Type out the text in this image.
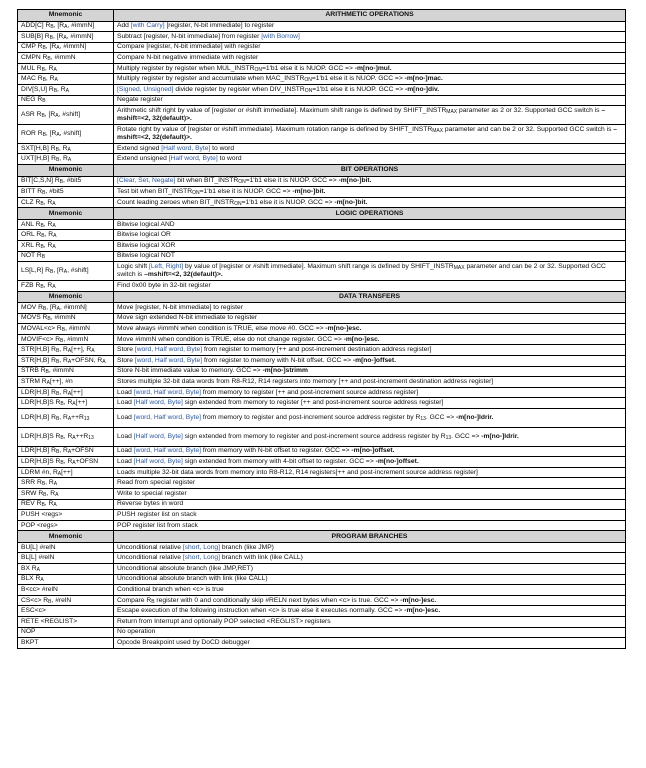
Mnemonic	ARITHMETIC OPERATIONS
ADD[C] $R_B$, [$R_A$, #immN]	Add [with Carry] [register, N-bit immediate] to register
SUB[B] $R_B$, [$R_A$, #immN]	Subtract [register, N-bit immediate] from register [with Borrow]
CMP $R_B$, [$R_A$, #immN]	Compare [register, N-bit immediate] with register
CMPN $R_B$, #immN	Compare N-bit negative immediate with register
MUL $R_B$, $R_A$	Multiply register by register when $MUL\_INSTR_{ON}=1'b1$ else it is NUOP. GCC => -m[no-]mul.
MAC $R_B$, $R_A$	Multiply register by register and accumulate when $MAC\_INSTR_{ON}=1'b1$ else it is NUOP. GCC => -m[no-]mac.
DIV[S,U] $R_B$, $R_A$	[Signed, Unsigned] divide register by register when $DIV\_INSTR_{ON}=1'b1$ else it is NUOP. GCC => -m[no-]div.
NEG $R_B$	Negate register
ASR $R_B$, [$R_A$, #shift]	Arithmetic shift right by value of [register or #shift immediate]. Maximum shift range is defined by $SHIFT\_INSTR_{MAX}$ parameter as 2 or 32. Supported GCC switch is –mshift=<2, 32(default)>.
ROR $R_B$, [$R_A$, #shift]	Rotate right by value of [register or #shift immediate]. Maximum rotation range is defined by $SHIFT\_INSTR_{MAX}$ parameter and can be 2 or 32. Supported GCC switch is –mshift=<2, 32(default)>.
SXT[H,B] $R_B$, $R_A$	Extend signed [Half word, Byte] to word
UXT[H,B] $R_B$, $R_A$	Extend unsigned [Half word, Byte] to word
Mnemonic	BIT OPERATIONS
BIT[C,S,N] $R_B$, #bit5	[Clear, Set, Negate] bit when $BIT\_INSTR_{ON}=1'b1$ else it is NUOP. GCC => -m[no-]bit.
BITT $R_B$, #bit5	Test bit when $BIT\_INSTR_{ON}=1'b1$ else it is NUOP. GCC => -m[no-]bit.
CLZ $R_B$, $R_A$	Count leading zeroes when $BIT\_INSTR_{ON}=1'b1$ else it is NUOP. GCC => -m[no-]bit.
Mnemonic	LOGIC OPERATIONS
ANL $R_B$, $R_A$	Bitwise logical AND
ORL $R_B$, $R_A$	Bitwise logical OR
XRL $R_B$, $R_A$	Bitwise logical XOR
NOT $R_B$	Bitwise logical NOT
LS[L,R] $R_B$, [$R_A$, #shift]	Logic shift [Left, Right] by value of [register or #shift immediate]. Maximum shift range is defined by $SHIFT\_INSTR_{MAX}$ parameter and can be 2 or 32. Supported GCC switch is –mshift=<2, 32(default)>.
FZB $R_B$, $R_A$	Find 0x00 byte in 32-bit register
Mnemonic	DATA TRANSFERS
MOV $R_B$, [$R_A$, #immN]	Move [register, N-bit immediate] to register
MOVS $R_B$, #immN	Move sign extended N-bit immediate to register
MOVAL<c> $R_B$, #immN	Move always #immN when condition is TRUE, else move #0. GCC => -m[no-]esc.
MOVIF<c> $R_B$, #immN	Move #immN when condition is TRUE, else do not change register. GCC => -m[no-]esc.
STR[H,B] $R_B$, $R_A[++]$, $R_A$	Store [word, Half word, Byte] from register to memory [++ and post-increment destination address register]
STR[H,B] $R_B$, $R_A+OFSN$, $R_A$	Store [word, Half word, Byte] from register to memory with N-bit offset. GCC => -m[no-]offset.
STRB $R_B$, #immN	Store N-bit immediate value to memory. GCC => -m[no-]strimm
STRM $R_A[++]$, #n	Stores multiple 32-bit data words from R8-R12, R14 registers into memory [++ and post-increment destination address register]
LDR[H,B] $R_B$, $R_A[++]$	Load [word, Half word, Byte] from memory to register [++ and post-increment source address register]
LDR[H,B]S $R_B$, $R_A[++]$	Load [Half word, Byte] sign extended from memory to register [++ and post-increment source address register]
LDR[H,B] $R_B$, $R_A++R_{13}$	Load [word, Half word, Byte] from memory to register and post-increment source address register by $R_{13}$. GCC => -m[no-]ldrir.
LDR[H,B]S $R_B$, $R_A++R_{13}$	Load [Half word, Byte] sign extended from memory to register and post-increment source address register by $R_{13}$. GCC => -m[no-]ldrir.
LDR[H,B] $R_B$, $R_A+OFSN$	Load [word, Half word, Byte] from memory with N-bit offset to register. GCC => -m[no-]offset.
LDR[H,B]S $R_B$, $R_A+OFSN$	Load [Half word, Byte] sign extended from memory with 4-bit offset to register. GCC => -m[no-]offset.
LDRM #n, $R_A[++]$	Loads multiple 32-bit data words from memory into R8-R12, R14 registers[++ and post-increment source address register]
SRR $R_B$, $R_A$	Read from special register
SRW $R_B$, $R_A$	Write to special register
REV $R_B$, $R_A$	Reverse bytes in word
PUSH <regs>	PUSH register list on stack
POP <regs>	POP register list from stack
Mnemonic	PROGRAM BRANCHES
BU[L] #relN	Unconditional relative [short, Long] branch (like JMP)
BL[L] #relN	Unconditional relative [short, Long] branch with link (like CALL)
BX $R_A$	Unconditional absolute branch (like JMP,RET)
BLX $R_A$	Unconditional absolute branch with link (like CALL)
B<cc> #relN	Conditional branch when <c> is true
$CS<c> R_B$, #relN	Compare $R_B$ register with 0 and conditionally skip #RELN next bytes when <c> is true. GCC => -m[no-]esc.
ESC<c>	Escape execution of the following instruction when <c> is true else it executes normally. GCC => -m[no-]esc.
RETE <REGLIST>	Return from Interrupt and optionally POP selected <REGLIST> registers
NOP	No operation
BKPT	Opcode Breakpoint used by DoCD debugger
